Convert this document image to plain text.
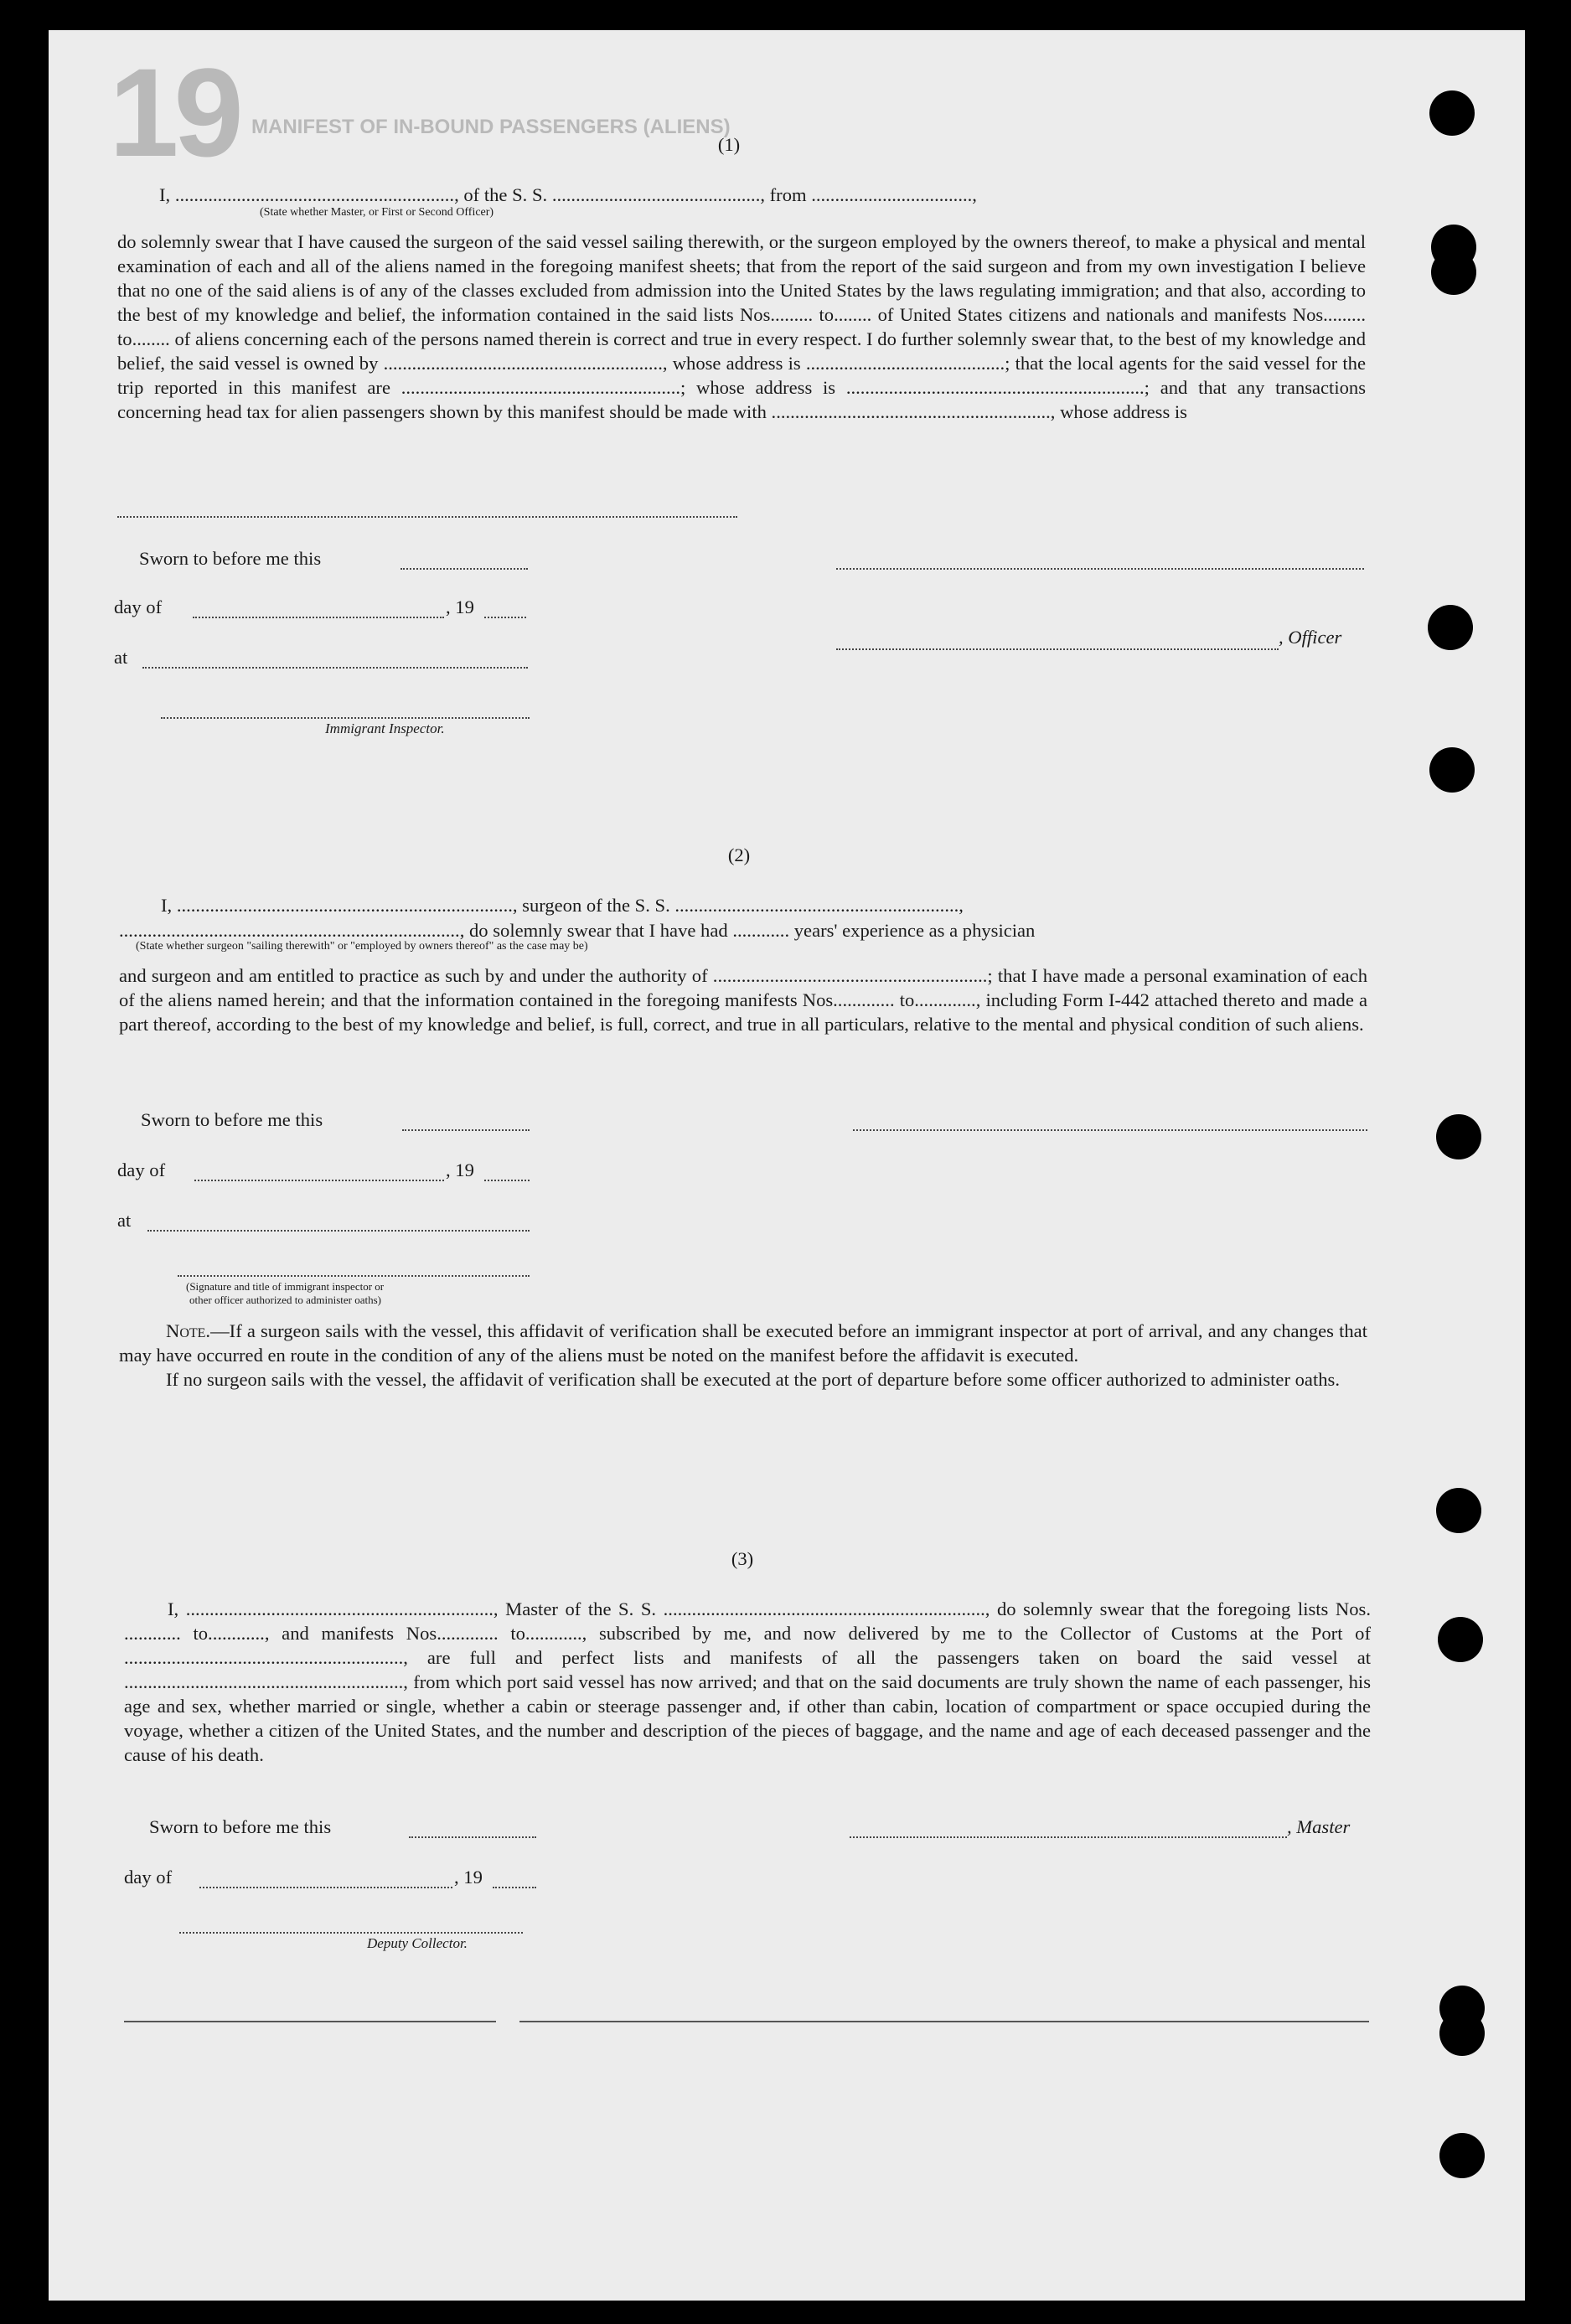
19 MANIFEST OF IN-BOUND PASSENGERS (ALIENS)
(1)

I, ..........................................................., of the S. S. ............................................, from ..................................,

(State whether Master, or First or Second Officer)

do solemnly swear that I have caused the surgeon of the said vessel sailing therewith, or the surgeon employed by the owners thereof, to make a physical and mental examination of each and all of the aliens named in the foregoing manifest sheets; that from the report of the said surgeon and from my own investigation I believe that no one of the said aliens is of any of the classes excluded from admission into the United States by the laws regulating immigration; and that also, according to the best of my knowledge and belief, the information contained in the said lists Nos......... to........ of United States citizens and nationals and manifests Nos......... to........ of aliens concerning each of the persons named therein is correct and true in every respect. I do further solemnly swear that, to the best of my knowledge and belief, the said vessel is owned by ..........................................................., whose address is ..........................................; that the local agents for the said vessel for the trip reported in this manifest are ...........................................................; whose address is ...............................................................; and that any transactions concerning head tax for alien passengers shown by this manifest should be made with ..........................................................., whose address is

Sworn to before me this
day of	, 19
, Officer
at
Immigrant Inspector.
(2)

I, ......................................................................., surgeon of the S. S. ............................................................,

........................................................................, do solemnly swear that I have had ............ years' experience as a physician

(State whether surgeon "sailing therewith" or "employed by owners thereof" as the case may be)

and surgeon and am entitled to practice as such by and under the authority of ..........................................................; that I have made a personal examination of each of the aliens named herein; and that the information contained in the foregoing manifests Nos............. to............., including Form I-442 attached thereto and made a part thereof, according to the best of my knowledge and belief, is full, correct, and true in all particulars, relative to the mental and physical condition of such aliens.

Sworn to before me this
day of	, 19
at
(Signature and title of immigrant inspector or
other officer authorized to administer oaths)

Note.—If a surgeon sails with the vessel, this affidavit of verification shall be executed before an immigrant inspector at port of arrival, and any changes that may have occurred en route in the condition of any of the aliens must be noted on the manifest before the affidavit is executed.

If no surgeon sails with the vessel, the affidavit of verification shall be executed at the port of departure before some officer authorized to administer oaths.

(3)

I, ................................................................., Master of the S. S. ...................................................................., do solemnly swear that the foregoing lists Nos. ............ to............, and manifests Nos............. to............, subscribed by me, and now delivered by me to the Collector of Customs at the Port of ..........................................................., are full and perfect lists and manifests of all the passengers taken on board the said vessel at ..........................................................., from which port said vessel has now arrived; and that on the said documents are truly shown the name of each passenger, his age and sex, whether married or single, whether a cabin or steerage passenger and, if other than cabin, location of compartment or space occupied during the voyage, whether a citizen of the United States, and the number and description of the pieces of baggage, and the name and age of each deceased passenger and the cause of his death.

Sworn to before me this	, Master
day of	, 19
Deputy Collector.
